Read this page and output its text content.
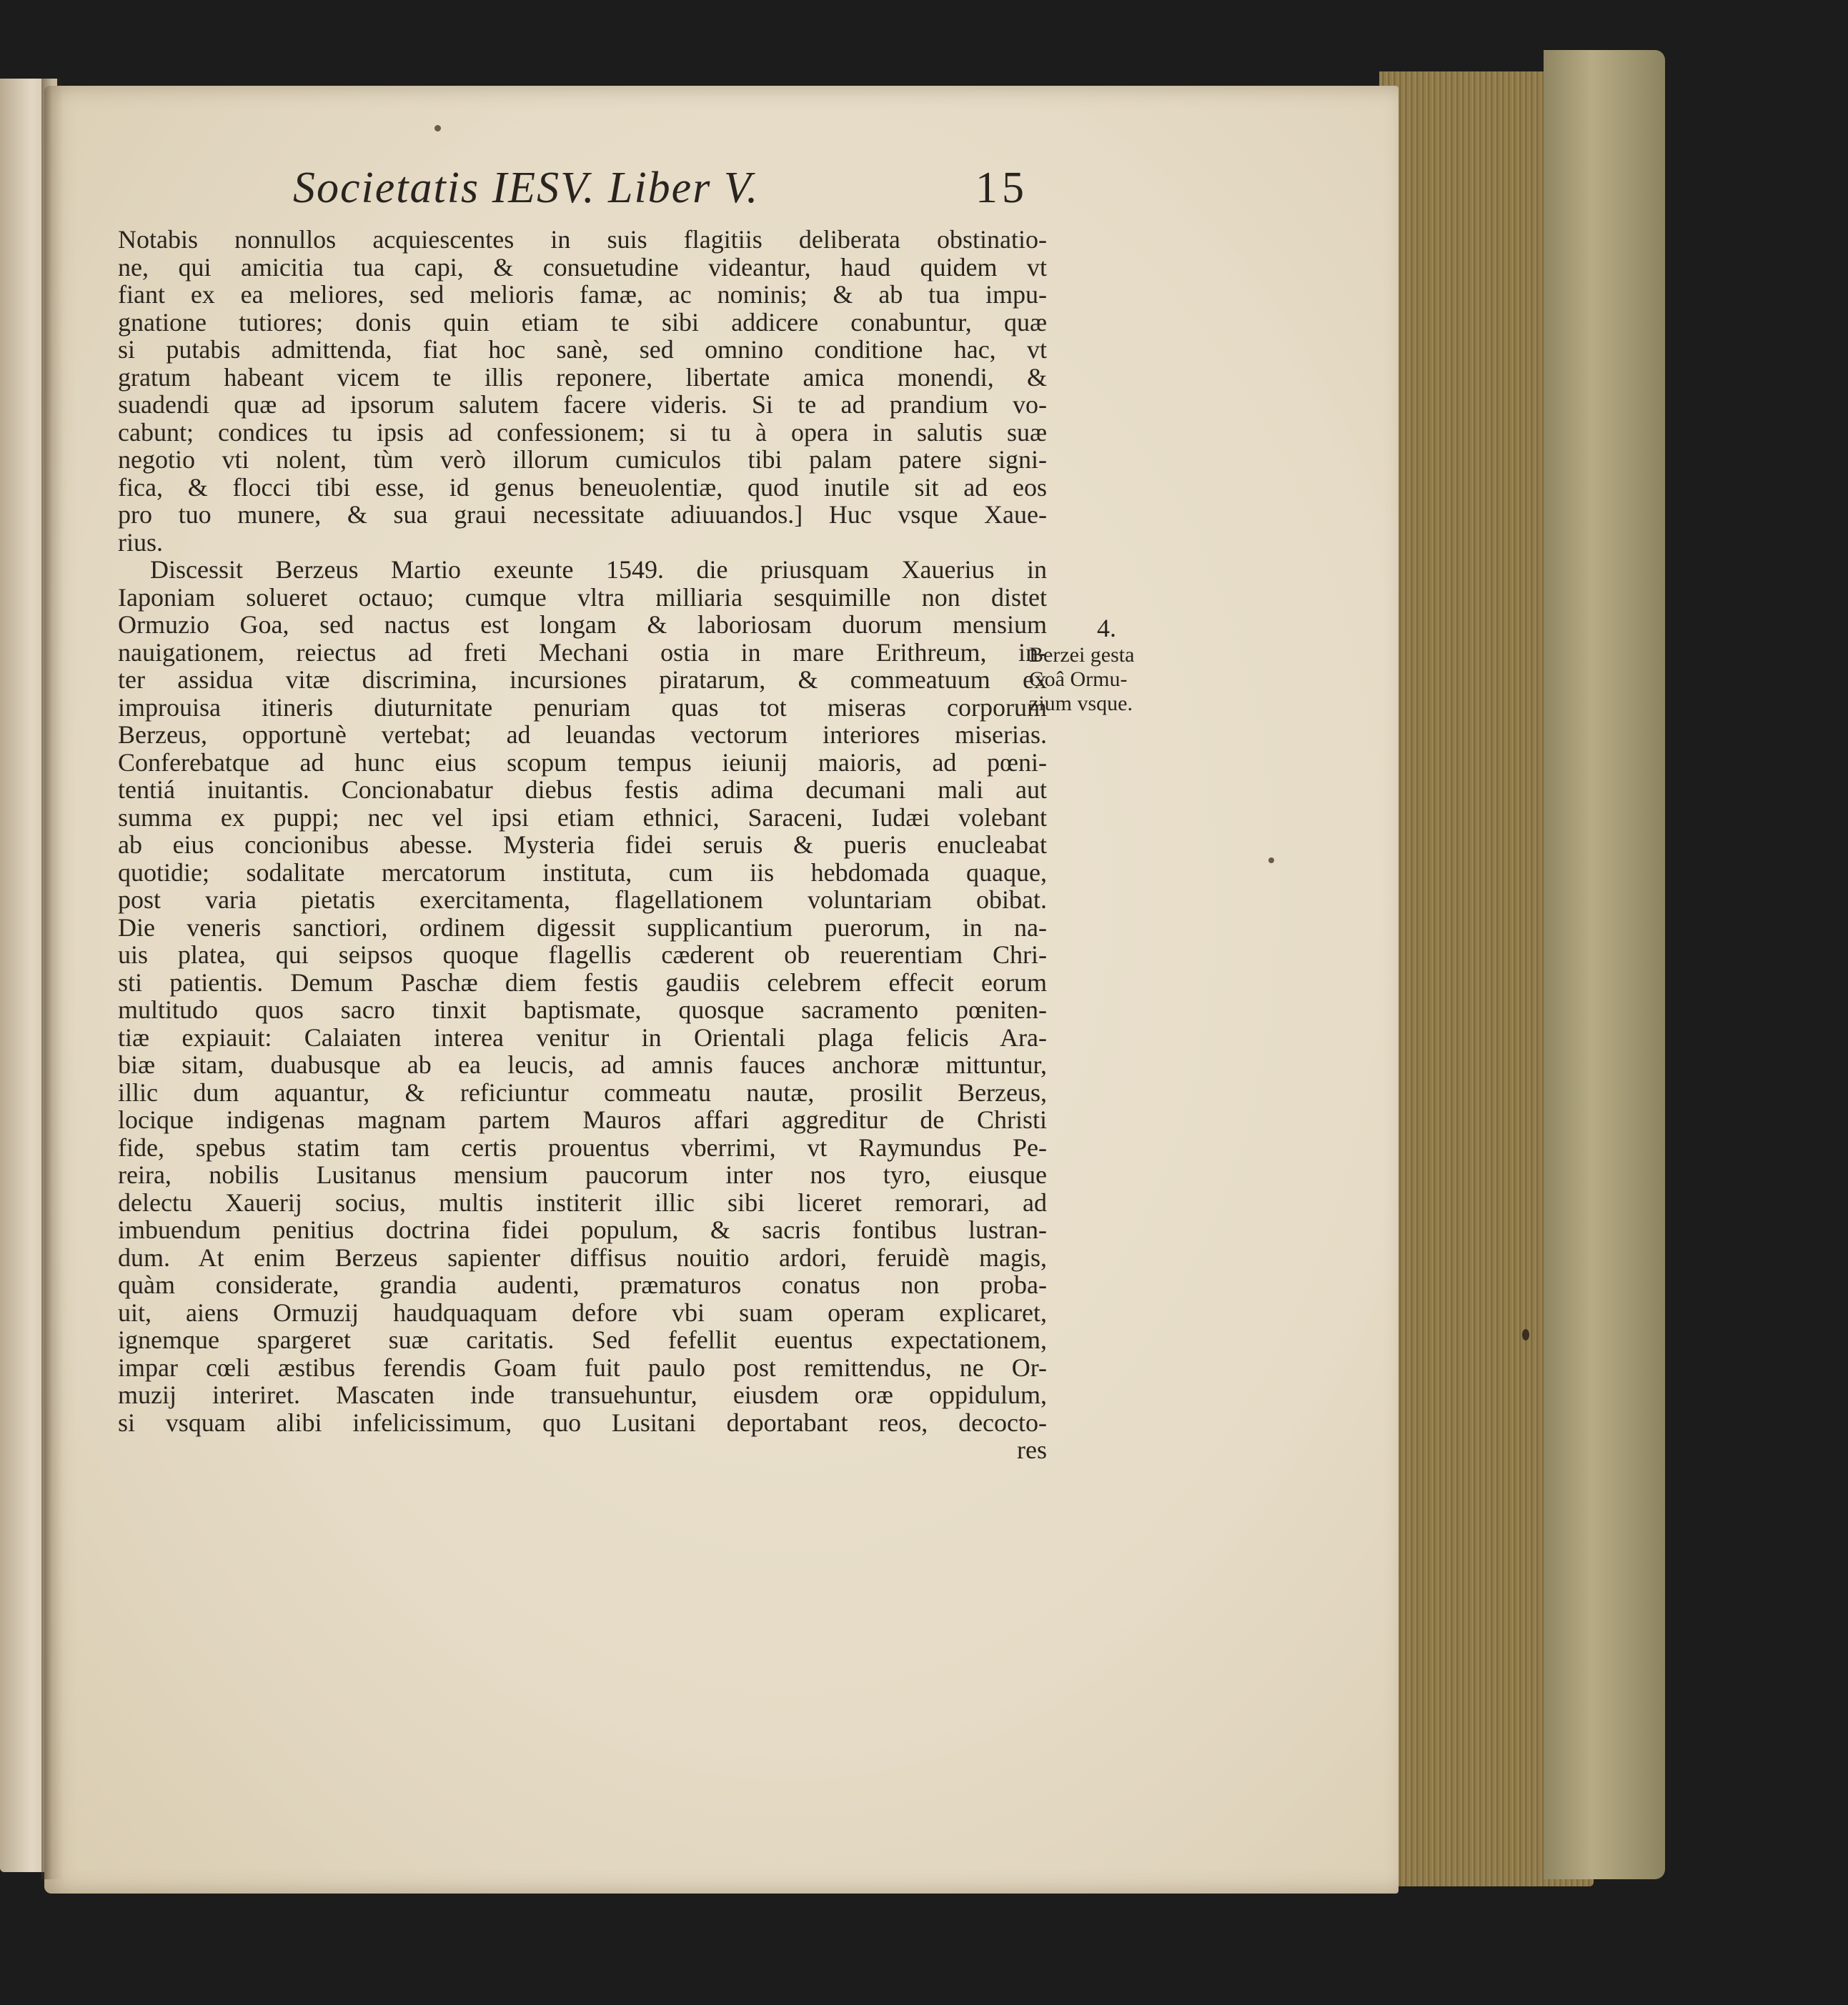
Societatis IESV. Liber V.	15
Notabis nonnullos acquiescentes in suis flagitiis deliberata obstinatio-
ne, qui amicitia tua capi, & consuetudine videantur, haud quidem vt
fiant ex ea meliores, sed melioris famæ, ac nominis; & ab tua impu-
gnatione tutiores; donis quin etiam te sibi addicere conabuntur, quæ
si putabis admittenda, fiat hoc sanè, sed omnino conditione hac, vt
gratum habeant vicem te illis reponere, libertate amica monendi, &
suadendi quæ ad ipsorum salutem facere videris. Si te ad prandium vo-
cabunt; condices tu ipsis ad confessionem; si tu à opera in salutis suæ
negotio vti nolent, tùm verò illorum cumiculos tibi palam patere signi-
fica, & flocci tibi esse, id genus beneuolentiæ, quod inutile sit ad eos
pro tuo munere, & sua graui necessitate adiuuandos.] Huc vsque Xaue-
rius.
Discessit Berzeus Martio exeunte 1549. die priusquam Xauerius in
Iaponiam solueret octauo; cumque vltra milliaria sesquimille non distet
Ormuzio Goa, sed nactus est longam & laboriosam duorum mensium
nauigationem, reiectus ad freti Mechani ostia in mare Erithreum, in-
ter assidua vitæ discrimina, incursiones piratarum, & commeatuum ex
improuisa itineris diuturnitate penuriam quas tot miseras corporum
Berzeus, opportunè vertebat; ad leuandas vectorum interiores miserias.
Conferebatque ad hunc eius scopum tempus ieiunij maioris, ad pœni-
tentiá inuitantis. Concionabatur diebus festis adima decumani mali aut
summa ex puppi; nec vel ipsi etiam ethnici, Saraceni, Iudæi volebant
ab eius concionibus abesse. Mysteria fidei seruis & pueris enucleabat
quotidie; sodalitate mercatorum instituta, cum iis hebdomada quaque,
post varia pietatis exercitamenta, flagellationem voluntariam obibat.
Die veneris sanctiori, ordinem digessit supplicantium puerorum, in na-
uis platea, qui seipsos quoque flagellis cæderent ob reuerentiam Chri-
sti patientis. Demum Paschæ diem festis gaudiis celebrem effecit eorum
multitudo quos sacro tinxit baptismate, quosque sacramento pœniten-
tiæ expiauit: Calaiaten interea venitur in Orientali plaga felicis Ara-
biæ sitam, duabusque ab ea leucis, ad amnis fauces anchoræ mittuntur,
illic dum aquantur, & reficiuntur commeatu nautæ, prosilit Berzeus,
locique indigenas magnam partem Mauros affari aggreditur de Christi
fide, spebus statim tam certis prouentus vberrimi, vt Raymundus Pe-
reira, nobilis Lusitanus mensium paucorum inter nos tyro, eiusque
delectu Xauerij socius, multis institerit illic sibi liceret remorari, ad
imbuendum penitius doctrina fidei populum, & sacris fontibus lustran-
dum. At enim Berzeus sapienter diffisus nouitio ardori, feruidè magis,
quàm considerate, grandia audenti, præmaturos conatus non proba-
uit, aiens Ormuzij haudquaquam defore vbi suam operam explicaret,
ignemque spargeret suæ caritatis. Sed fefellit euentus expectationem,
impar cœli æstibus ferendis Goam fuit paulo post remittendus, ne Or-
muzij interiret. Mascaten inde transuehuntur, eiusdem oræ oppidulum,
si vsquam alibi infelicissimum, quo Lusitani deportabant reos, decocto-
res
4.
Berzei gesta
Goâ Ormu-
zium vsque.
